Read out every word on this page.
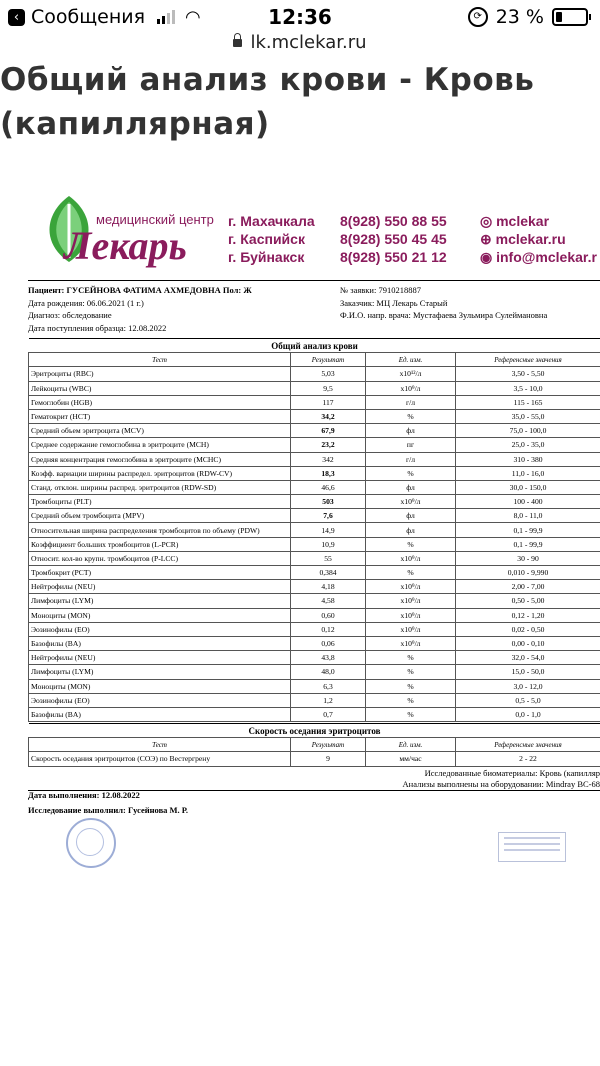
‹ Сообщения ◠	12:36	⟳ 23 %
lk.mclekar.ru
Общий анализ крови - Кровь
(капиллярная)
медицинский центр
Лекарь
г. Махачкала
г. Каспийск
г. Буйнакск
8(928) 550 88 55
8(928) 550 45 45
8(928) 550 21 12
◎ mclekar
⊕ mclekar.ru
◉ info@mclekar.r
Пациент: ГУСЕЙНОВА ФАТИМА АХМЕДОВНА Пол: Ж
Дата рождения: 06.06.2021 (1 г.)
Диагноз: обследование
Дата поступления образца: 12.08.2022
№ заявки: 7910218887
Заказчик: МЦ Лекарь Старый
Ф.И.О. напр. врача: Мустафаева Зульмира Сулеймановна
Общий анализ крови			
Тест	Результат	Ед. изм.	Референсные значения
Эритроциты (RBC)	5,03	x10¹²/л	3,50 - 5,50
Лейкоциты (WBC)	9,5	x10⁹/л	3,5 - 10,0
Гемоглобин (HGB)	117	г/л	115 - 165
Гематокрит (HCT)	34,2	%	35,0 - 55,0
Средний объем эритроцита (MCV)	67,9	фл	75,0 - 100,0
Среднее содержание гемоглобина в эритроците (MCH)	23,2	пг	25,0 - 35,0
Средняя концентрация гемоглобина в эритроците (MCHC)	342	г/л	310 - 380
Коэфф. вариации ширины распредел. эритроцитов (RDW-CV)	18,3	%	11,0 - 16,0
Станд. отклон. ширины распред. эритроцитов (RDW-SD)	46,6	фл	30,0 - 150,0
Тромбоциты (PLT)	503	x10⁹/л	100 - 400
Средний объем тромбоцита (MPV)	7,6	фл	8,0 - 11,0
Относительная ширина распределения тромбоцитов по объему (PDW)	14,9	фл	0,1 - 99,9
Коэффициент больших тромбоцитов (L-PCR)	10,9	%	0,1 - 99,9
Относит. кол-во крупн. тромбоцитов (P-LCC)	55	x10⁹/л	30 - 90
Тромбокрит (PCT)	0,384	%	0,010 - 9,990
Нейтрофилы (NEU)	4,18	x10⁹/л	2,00 - 7,00
Лимфоциты (LYM)	4,58	x10⁹/л	0,50 - 5,00
Моноциты (MON)	0,60	x10⁹/л	0,12 - 1,20
Эозинофилы (EO)	0,12	x10⁹/л	0,02 - 0,50
Базофилы (BA)	0,06	x10⁹/л	0,00 - 0,10
Нейтрофилы (NEU)	43,8	%	32,0 - 54,0
Лимфоциты (LYM)	48,0	%	15,0 - 50,0
Моноциты (MON)	6,3	%	3,0 - 12,0
Эозинофилы (EO)	1,2	%	0,5 - 5,0
Базофилы (BA)	0,7	%	0,0 - 1,0
Скорость оседания эритроцитов			
Тест	Результат	Ед. изм.	Референсные значения
Скорость оседания эритроцитов (СОЭ) по Вестергрену	9	мм/час	2 - 22
Исследованные биоматериалы: Кровь (капилляр
Анализы выполнены на оборудовании: Mindray BC-68
Дата выполнения: 12.08.2022
Исследование выполнил: Гусейнова М. Р.
